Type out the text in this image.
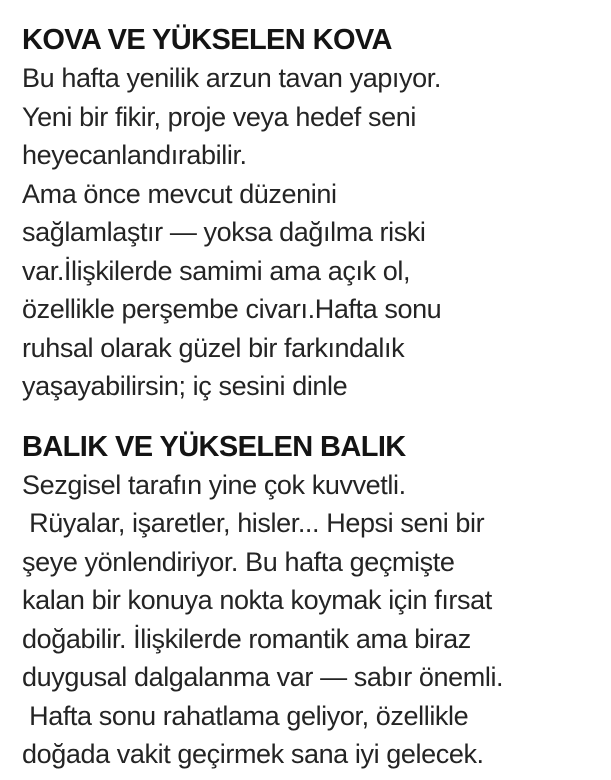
KOVA VE YÜKSELEN KOVA
Bu hafta yenilik arzun tavan yapıyor.
Yeni bir fikir, proje veya hedef seni
heyecanlandırabilir.
Ama önce mevcut düzenini
sağlamlaştır — yoksa dağılma riski
var.İlişkilerde samimi ama açık ol,
özellikle perşembe civarı.Hafta sonu
ruhsal olarak güzel bir farkındalık
yaşayabilirsin; iç sesini dinle
BALIK VE YÜKSELEN BALIK
Sezgisel tarafın yine çok kuvvetli.
Rüyalar, işaretler, hisler... Hepsi seni bir
şeye yönlendiriyor. Bu hafta geçmişte
kalan bir konuya nokta koymak için fırsat
doğabilir. İlişkilerde romantik ama biraz
duygusal dalgalanma var — sabır önemli.
Hafta sonu rahatlama geliyor, özellikle
doğada vakit geçirmek sana iyi gelecek.
